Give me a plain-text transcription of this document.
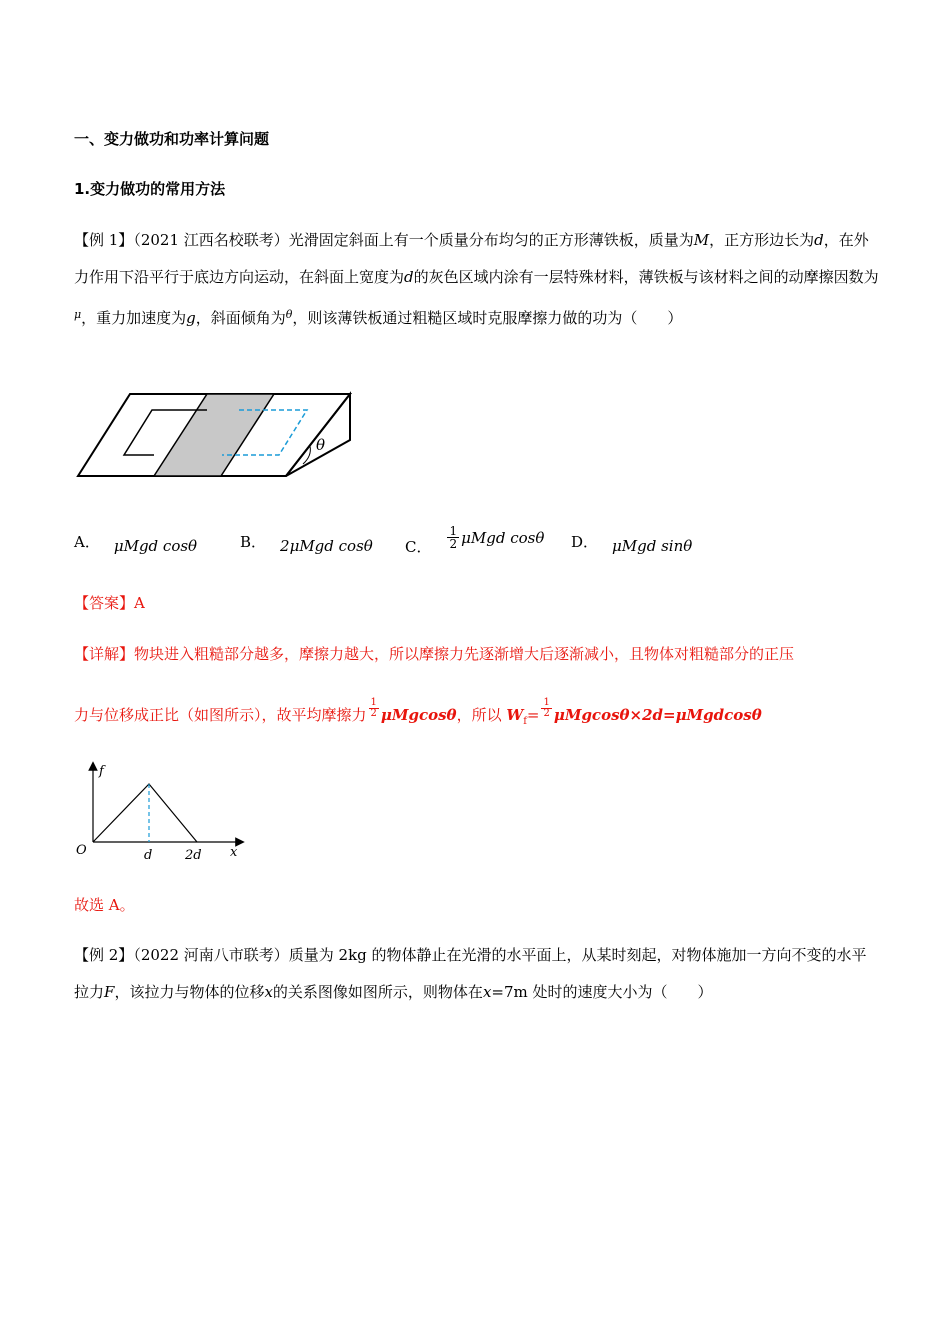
一、变力做功和功率计算问题
1.变力做功的常用方法
【例 1】（2021 江西名校联考）光滑固定斜面上有一个质量分布均匀的正方形薄铁板，质量为M，正方形边长为d，在外力作用下沿平行于底边方向运动，在斜面上宽度为d的灰色区域内涂有一层特殊材料，薄铁板与该材料之间的动摩擦因数为$^\mu$，重力加速度为g，斜面倾角为$^\theta$，则该薄铁板通过粗糙区域时克服摩擦力做的功为（　　）
θ
A． μMgd cosθ	B． 2μMgd cosθ C． $\frac{1}{2}$ μMgd cosθ D． μMgd sinθ
【答案】A
【详解】物块进入粗糙部分越多，摩擦力越大，所以摩擦力先逐渐增大后逐渐减小，且物体对粗糙部分的正压
力与位移成正比（如图所示），故平均摩擦力 $\frac{1}{2}$ μMgcosθ，所以 $W_f= \frac{1}{2} \mu Mgcos\theta\times 2d=\mu Mgdcos\theta$
f
x
O	d	2d
故选 A。
【例 2】（2022 河南八市联考）质量为 2kg 的物体静止在光滑的水平面上，从某时刻起，对物体施加一方向不变的水平拉力F，该拉力与物体的位移x的关系图像如图所示，则物体在x=7m 处时的速度大小为（　　）
